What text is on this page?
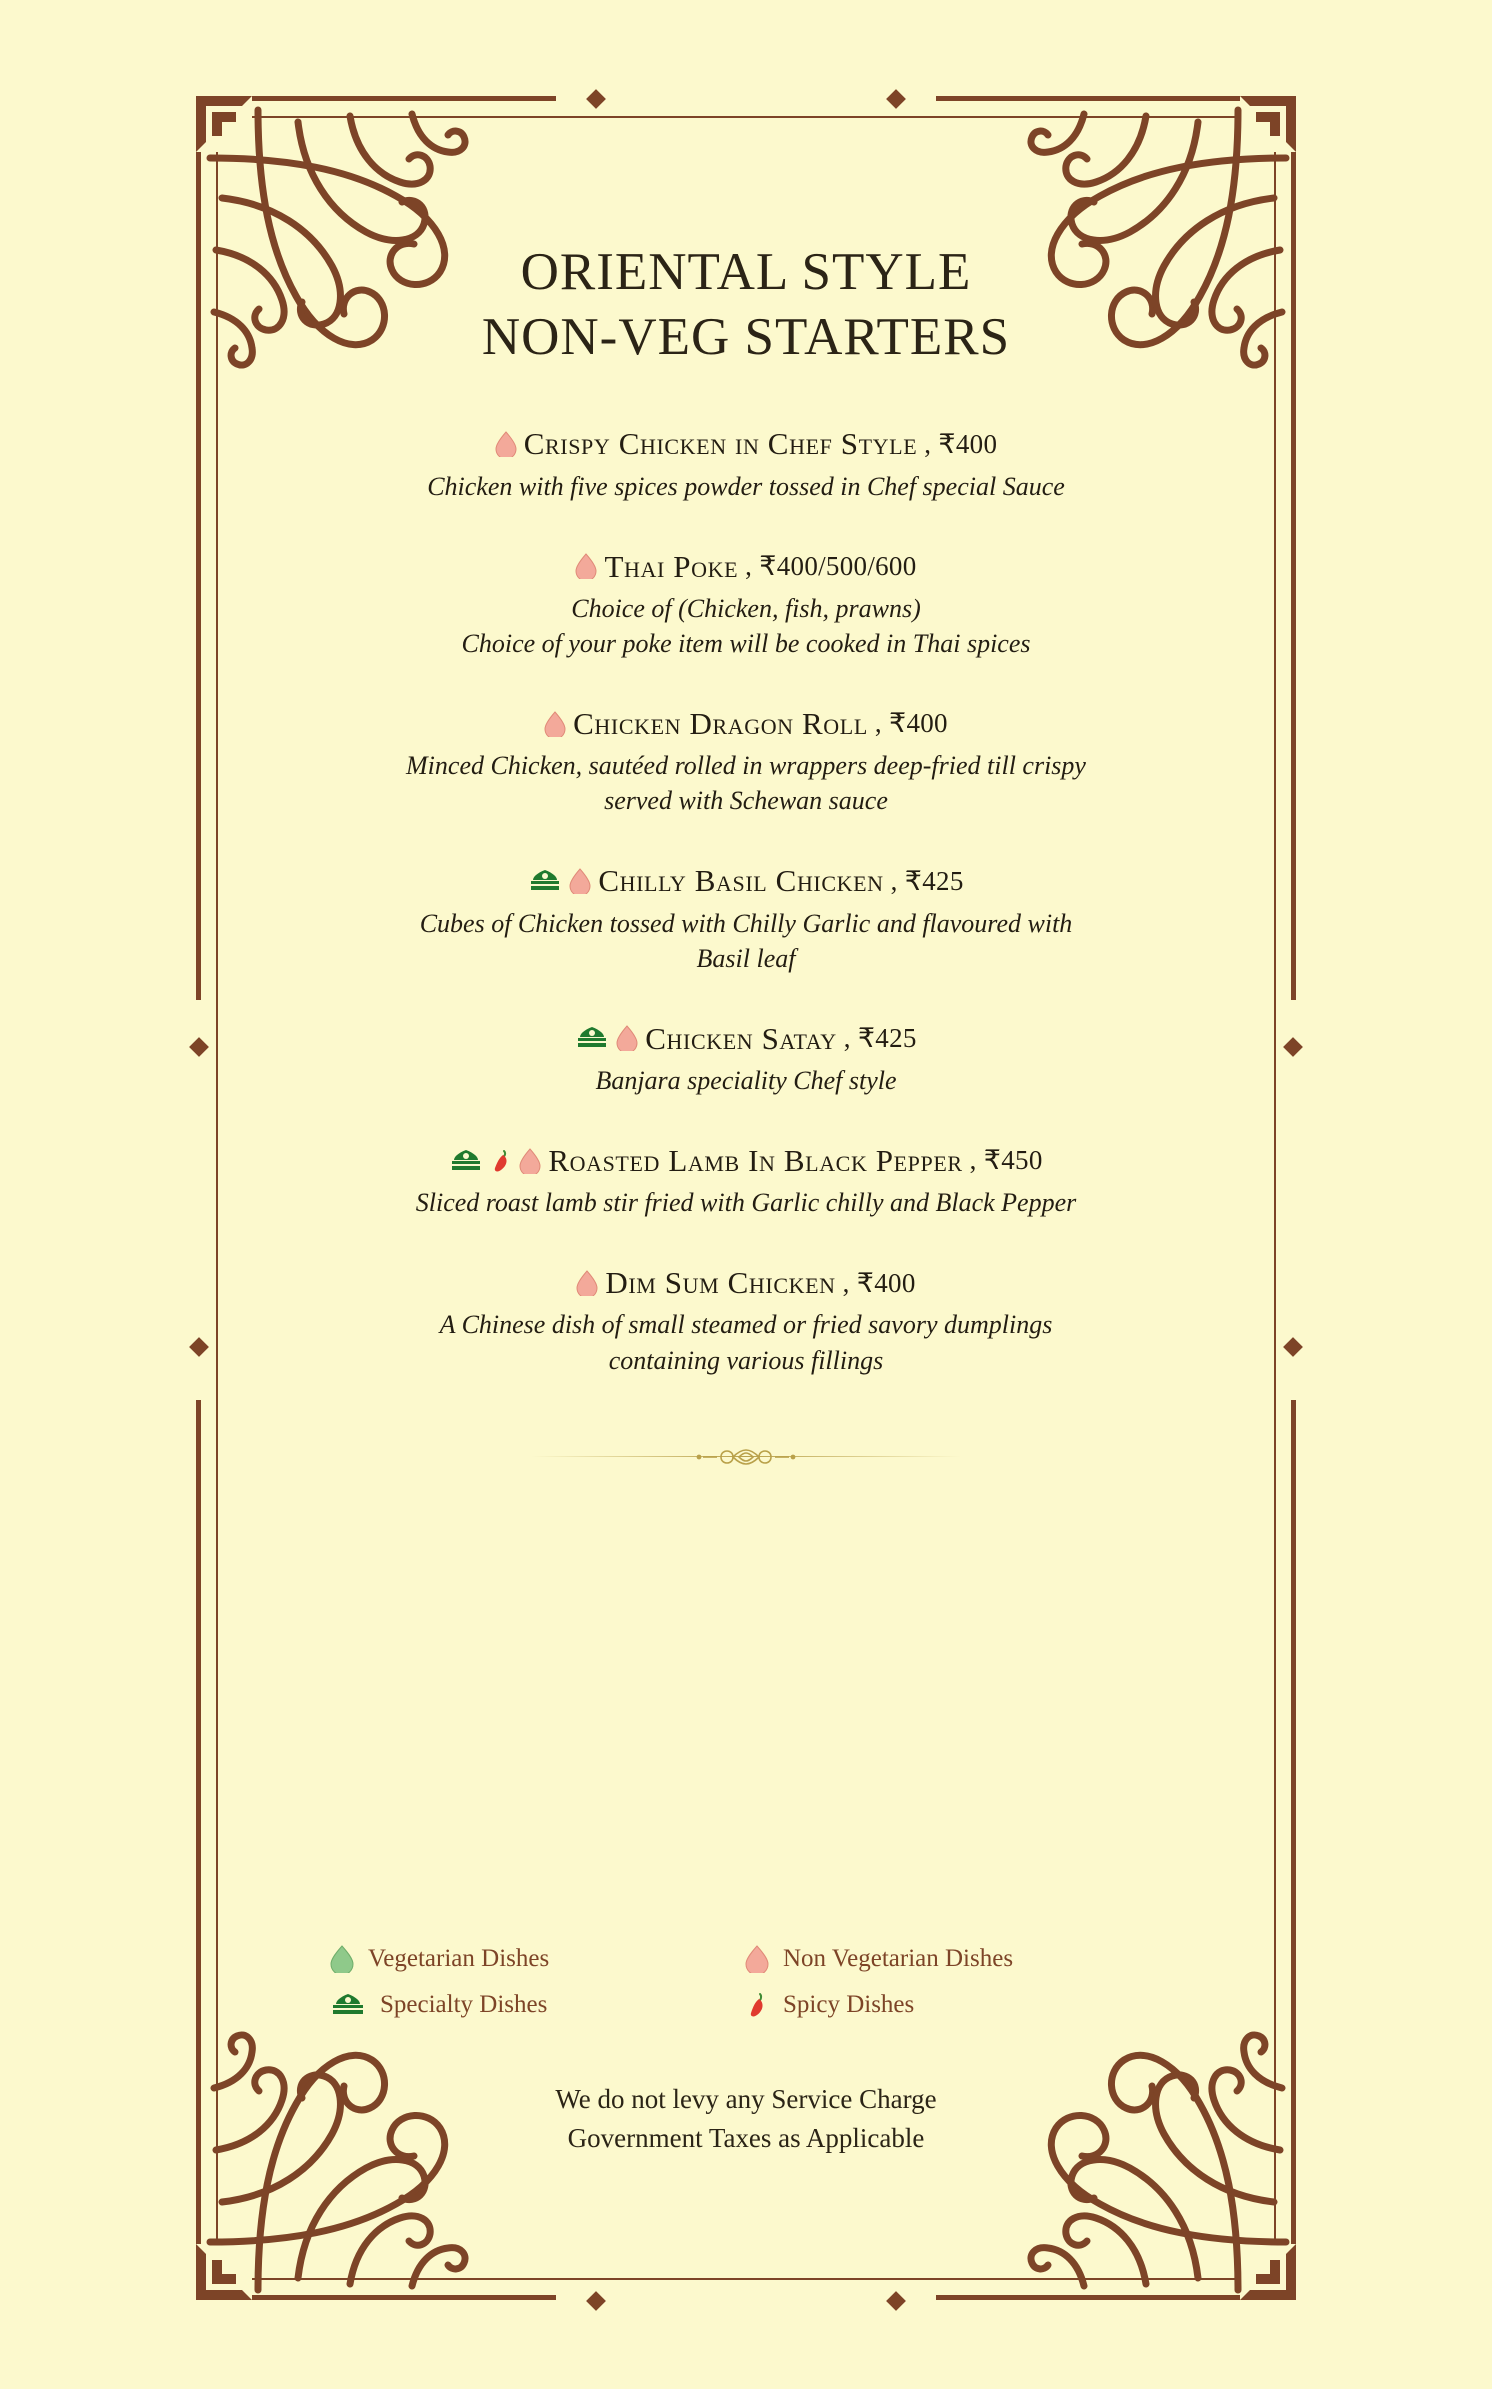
ORIENTAL STYLE
NON-VEG STARTERS
Crispy Chicken in Chef Style , ₹400
Chicken with five spices powder tossed in Chef special Sauce
Thai Poke , ₹400/500/600
Choice of (Chicken, fish, prawns)
Choice of your poke item will be cooked in Thai spices
Chicken Dragon Roll , ₹400
Minced Chicken, sautéed rolled in wrappers deep-fried till crispy
served with Schewan sauce
Chilly Basil Chicken , ₹425
Cubes of Chicken tossed with Chilly Garlic and flavoured with
Basil leaf
Chicken Satay , ₹425
Banjara speciality Chef style
Roasted Lamb In Black Pepper , ₹450
Sliced roast lamb stir fried with Garlic chilly and Black Pepper
Dim Sum Chicken , ₹400
A Chinese dish of small steamed or fried savory dumplings
containing various fillings
Vegetarian Dishes	Non Vegetarian Dishes
Specialty Dishes	Spicy Dishes
We do not levy any Service Charge
Government Taxes as Applicable
